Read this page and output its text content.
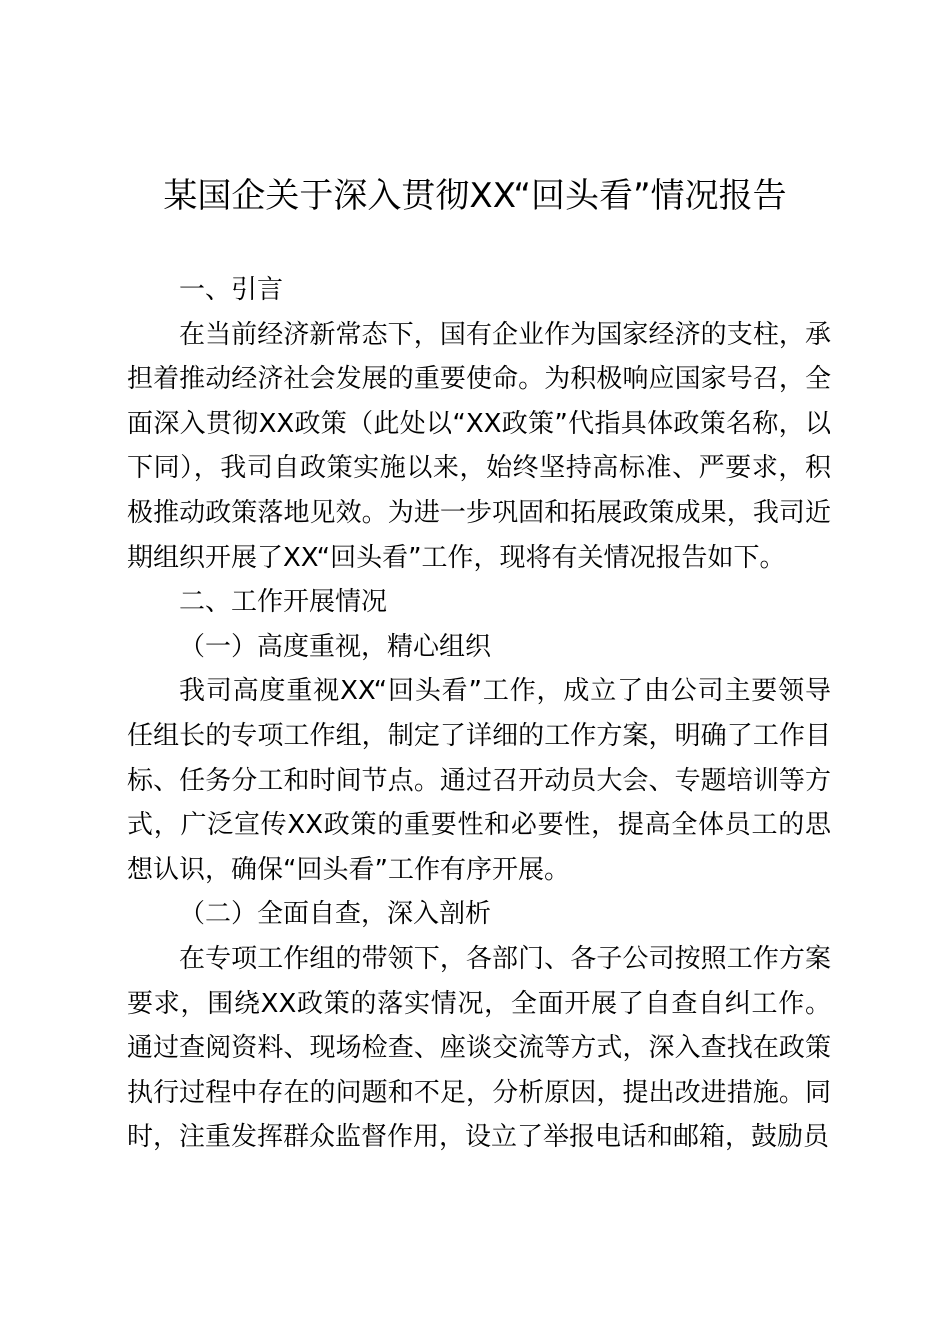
某国企关于深入贯彻XX“回头看”情况报告

一、引言

在当前经济新常态下，国有企业作为国家经济的支柱，承担着推动经济社会发展的重要使命。为积极响应国家号召，全面深入贯彻XX政策（此处以“XX政策”代指具体政策名称，以下同），我司自政策实施以来，始终坚持高标准、严要求，积极推动政策落地见效。为进一步巩固和拓展政策成果，我司近期组织开展了XX“回头看”工作，现将有关情况报告如下。

二、工作开展情况

（一）高度重视，精心组织

我司高度重视XX“回头看”工作，成立了由公司主要领导任组长的专项工作组，制定了详细的工作方案，明确了工作目标、任务分工和时间节点。通过召开动员大会、专题培训等方式，广泛宣传XX政策的重要性和必要性，提高全体员工的思想认识，确保“回头看”工作有序开展。

（二）全面自查，深入剖析

在专项工作组的带领下，各部门、各子公司按照工作方案要求，围绕XX政策的落实情况，全面开展了自查自纠工作。通过查阅资料、现场检查、座谈交流等方式，深入查找在政策执行过程中存在的问题和不足，分析原因，提出改进措施。同时，注重发挥群众监督作用，设立了举报电话和邮箱，鼓励员
